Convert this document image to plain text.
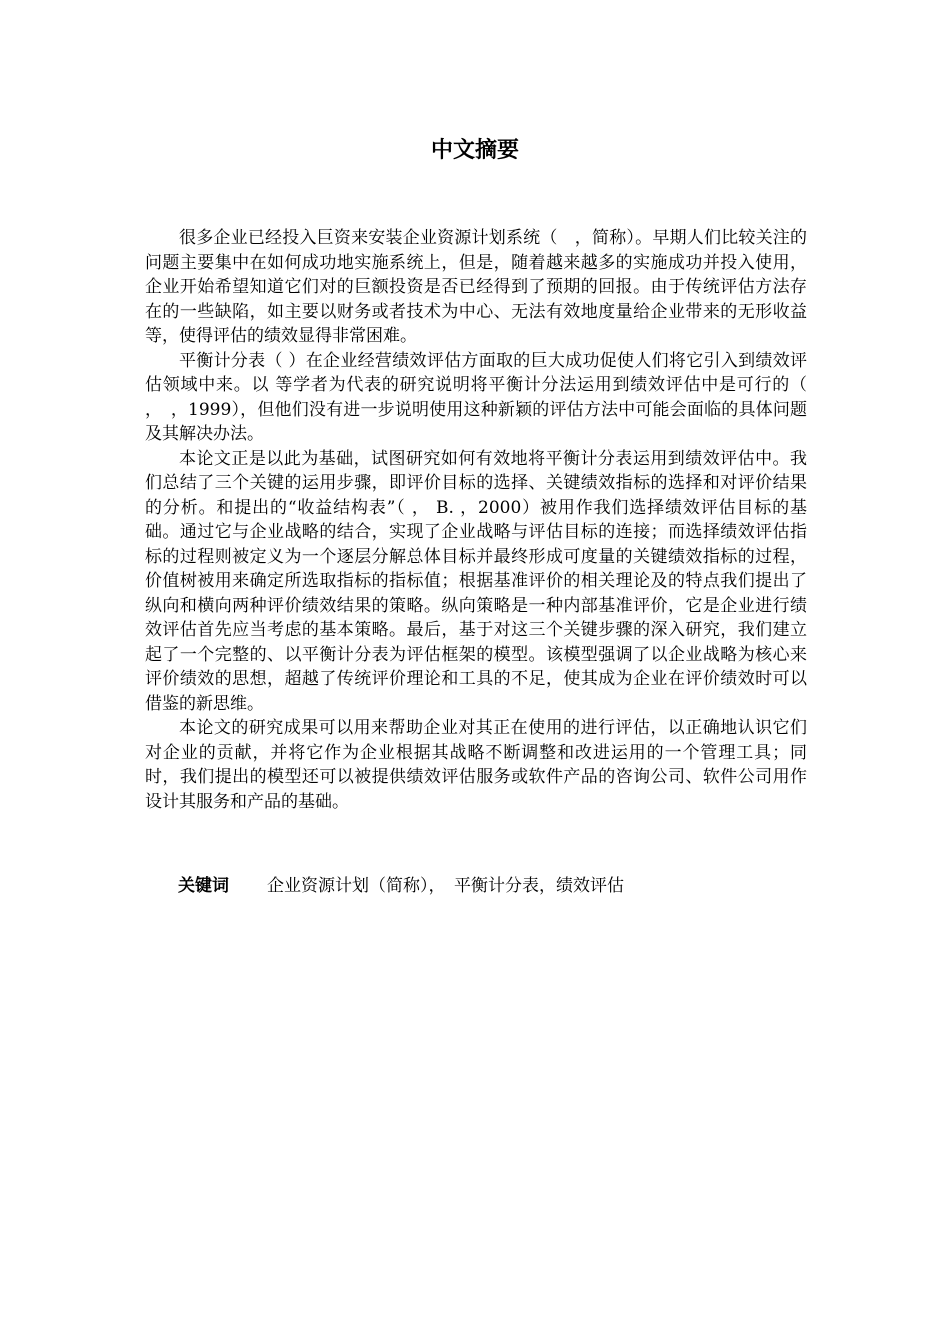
中文摘要

很多企业已经投入巨资来安装企业资源计划系统（　，简称）。早期人们比较关注的问题主要集中在如何成功地实施系统上，但是，随着越来越多的实施成功并投入使用，企业开始希望知道它们对的巨额投资是否已经得到了预期的回报。由于传统评估方法存在的一些缺陷，如主要以财务或者技术为中心、无法有效地度量给企业带来的无形收益等，使得评估的绩效显得非常困难。

平衡计分表（ ）在企业经营绩效评估方面取的巨大成功促使人们将它引入到绩效评估领域中来。以 等学者为代表的研究说明将平衡计分法运用到绩效评估中是可行的（ ，　，1999），但他们没有进一步说明使用这种新颖的评估方法中可能会面临的具体问题及其解决办法。

本论文正是以此为基础，试图研究如何有效地将平衡计分表运用到绩效评估中。我们总结了三个关键的运用步骤，即评价目标的选择、关键绩效指标的选择和对评价结果的分析。和提出的“收益结构表”（ ， B. ，2000）被用作我们选择绩效评估目标的基础。通过它与企业战略的结合，实现了企业战略与评估目标的连接；而选择绩效评估指标的过程则被定义为一个逐层分解总体目标并最终形成可度量的关键绩效指标的过程，价值树被用来确定所选取指标的指标值；根据基准评价的相关理论及的特点我们提出了纵向和横向两种评价绩效结果的策略。纵向策略是一种内部基准评价，它是企业进行绩效评估首先应当考虑的基本策略。最后，基于对这三个关键步骤的深入研究，我们建立起了一个完整的、以平衡计分表为评估框架的模型。该模型强调了以企业战略为核心来评价绩效的思想，超越了传统评价理论和工具的不足，使其成为企业在评价绩效时可以借鉴的新思维。

本论文的研究成果可以用来帮助企业对其正在使用的进行评估，以正确地认识它们对企业的贡献，并将它作为企业根据其战略不断调整和改进运用的一个管理工具；同时，我们提出的模型还可以被提供绩效评估服务或软件产品的咨询公司、软件公司用作设计其服务和产品的基础。

关键词 企业资源计划（简称），　平衡计分表，绩效评估
